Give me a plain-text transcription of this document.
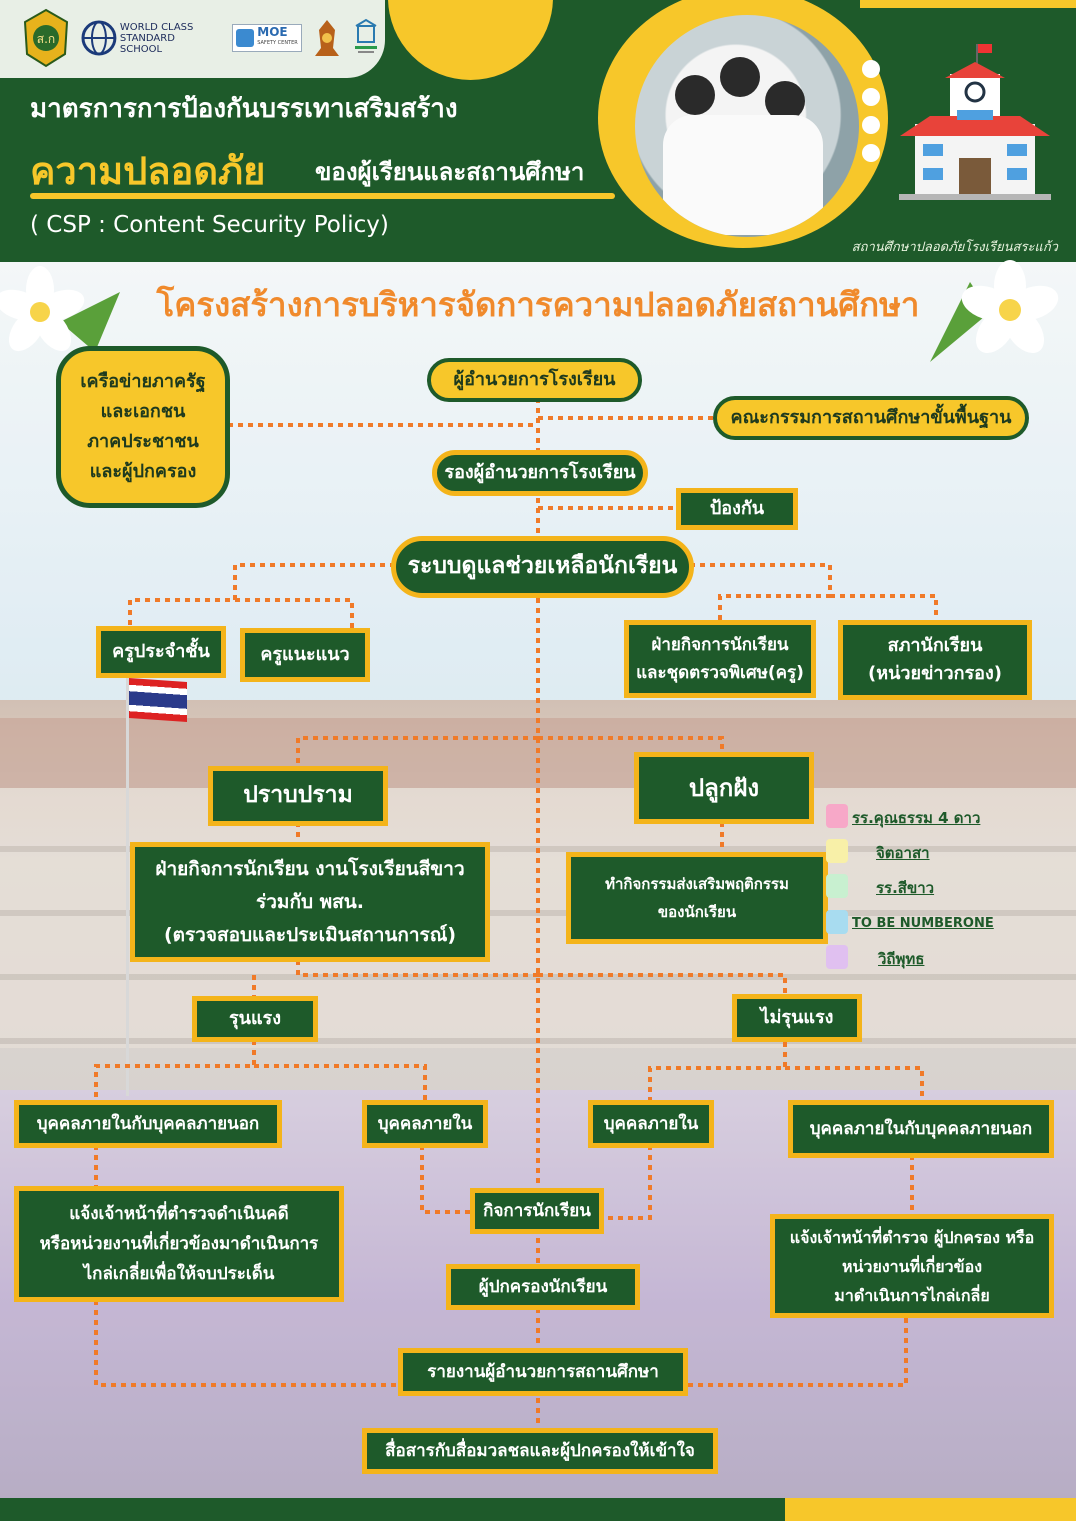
ส.ก
WORLD CLASS
STANDARD SCHOOL
MOE
SAFETY CENTER
มาตรการการป้องกันบรรเทาเสริมสร้าง
ความปลอดภัย ของผู้เรียนและสถานศึกษา
( CSP : Content Security Policy)
สถานศึกษาปลอดภัยโรงเรียนสระแก้ว
โครงสร้างการบริหารจัดการความปลอดภัยสถานศึกษา
เครือข่ายภาครัฐ
และเอกชน
ภาคประชาชน
และผู้ปกครอง
ผู้อำนวยการโรงเรียน
คณะกรรมการสถานศึกษาขั้นพื้นฐาน
รองผู้อำนวยการโรงเรียน
ป้องกัน
ระบบดูแลช่วยเหลือนักเรียน
ครูประจำชั้น	ครูแนะแนว	ฝ่ายกิจการนักเรียน
และชุดตรวจพิเศษ(ครู)
สภานักเรียน
(หน่วยข่าวกรอง)
ปราบปราม	ปลูกฝัง
ฝ่ายกิจการนักเรียน งานโรงเรียนสีขาว
ร่วมกับ พสน.
(ตรวจสอบและประเมินสถานการณ์)
ทำกิจกรรมส่งเสริมพฤติกรรม
ของนักเรียน
รร.คุณธรรม 4 ดาว
จิตอาสา
รร.สีขาว
TO BE NUMBERONE
วิถีพุทธ
รุนแรง	ไม่รุนแรง
บุคคลภายในกับบุคคลภายนอก	บุคคลภายใน	บุคคลภายใน	บุคคลภายในกับบุคคลภายนอก
แจ้งเจ้าหน้าที่ตำรวจดำเนินคดี
หรือหน่วยงานที่เกี่ยวข้องมาดำเนินการ
ไกล่เกลี่ยเพื่อให้จบประเด็น
กิจการนักเรียน
ผู้ปกครองนักเรียน
แจ้งเจ้าหน้าที่ตำรวจ ผู้ปกครอง หรือ
หน่วยงานที่เกี่ยวข้อง
มาดำเนินการไกล่เกลี่ย
รายงานผู้อำนวยการสถานศึกษา
สื่อสารกับสื่อมวลชลและผู้ปกครองให้เข้าใจ
